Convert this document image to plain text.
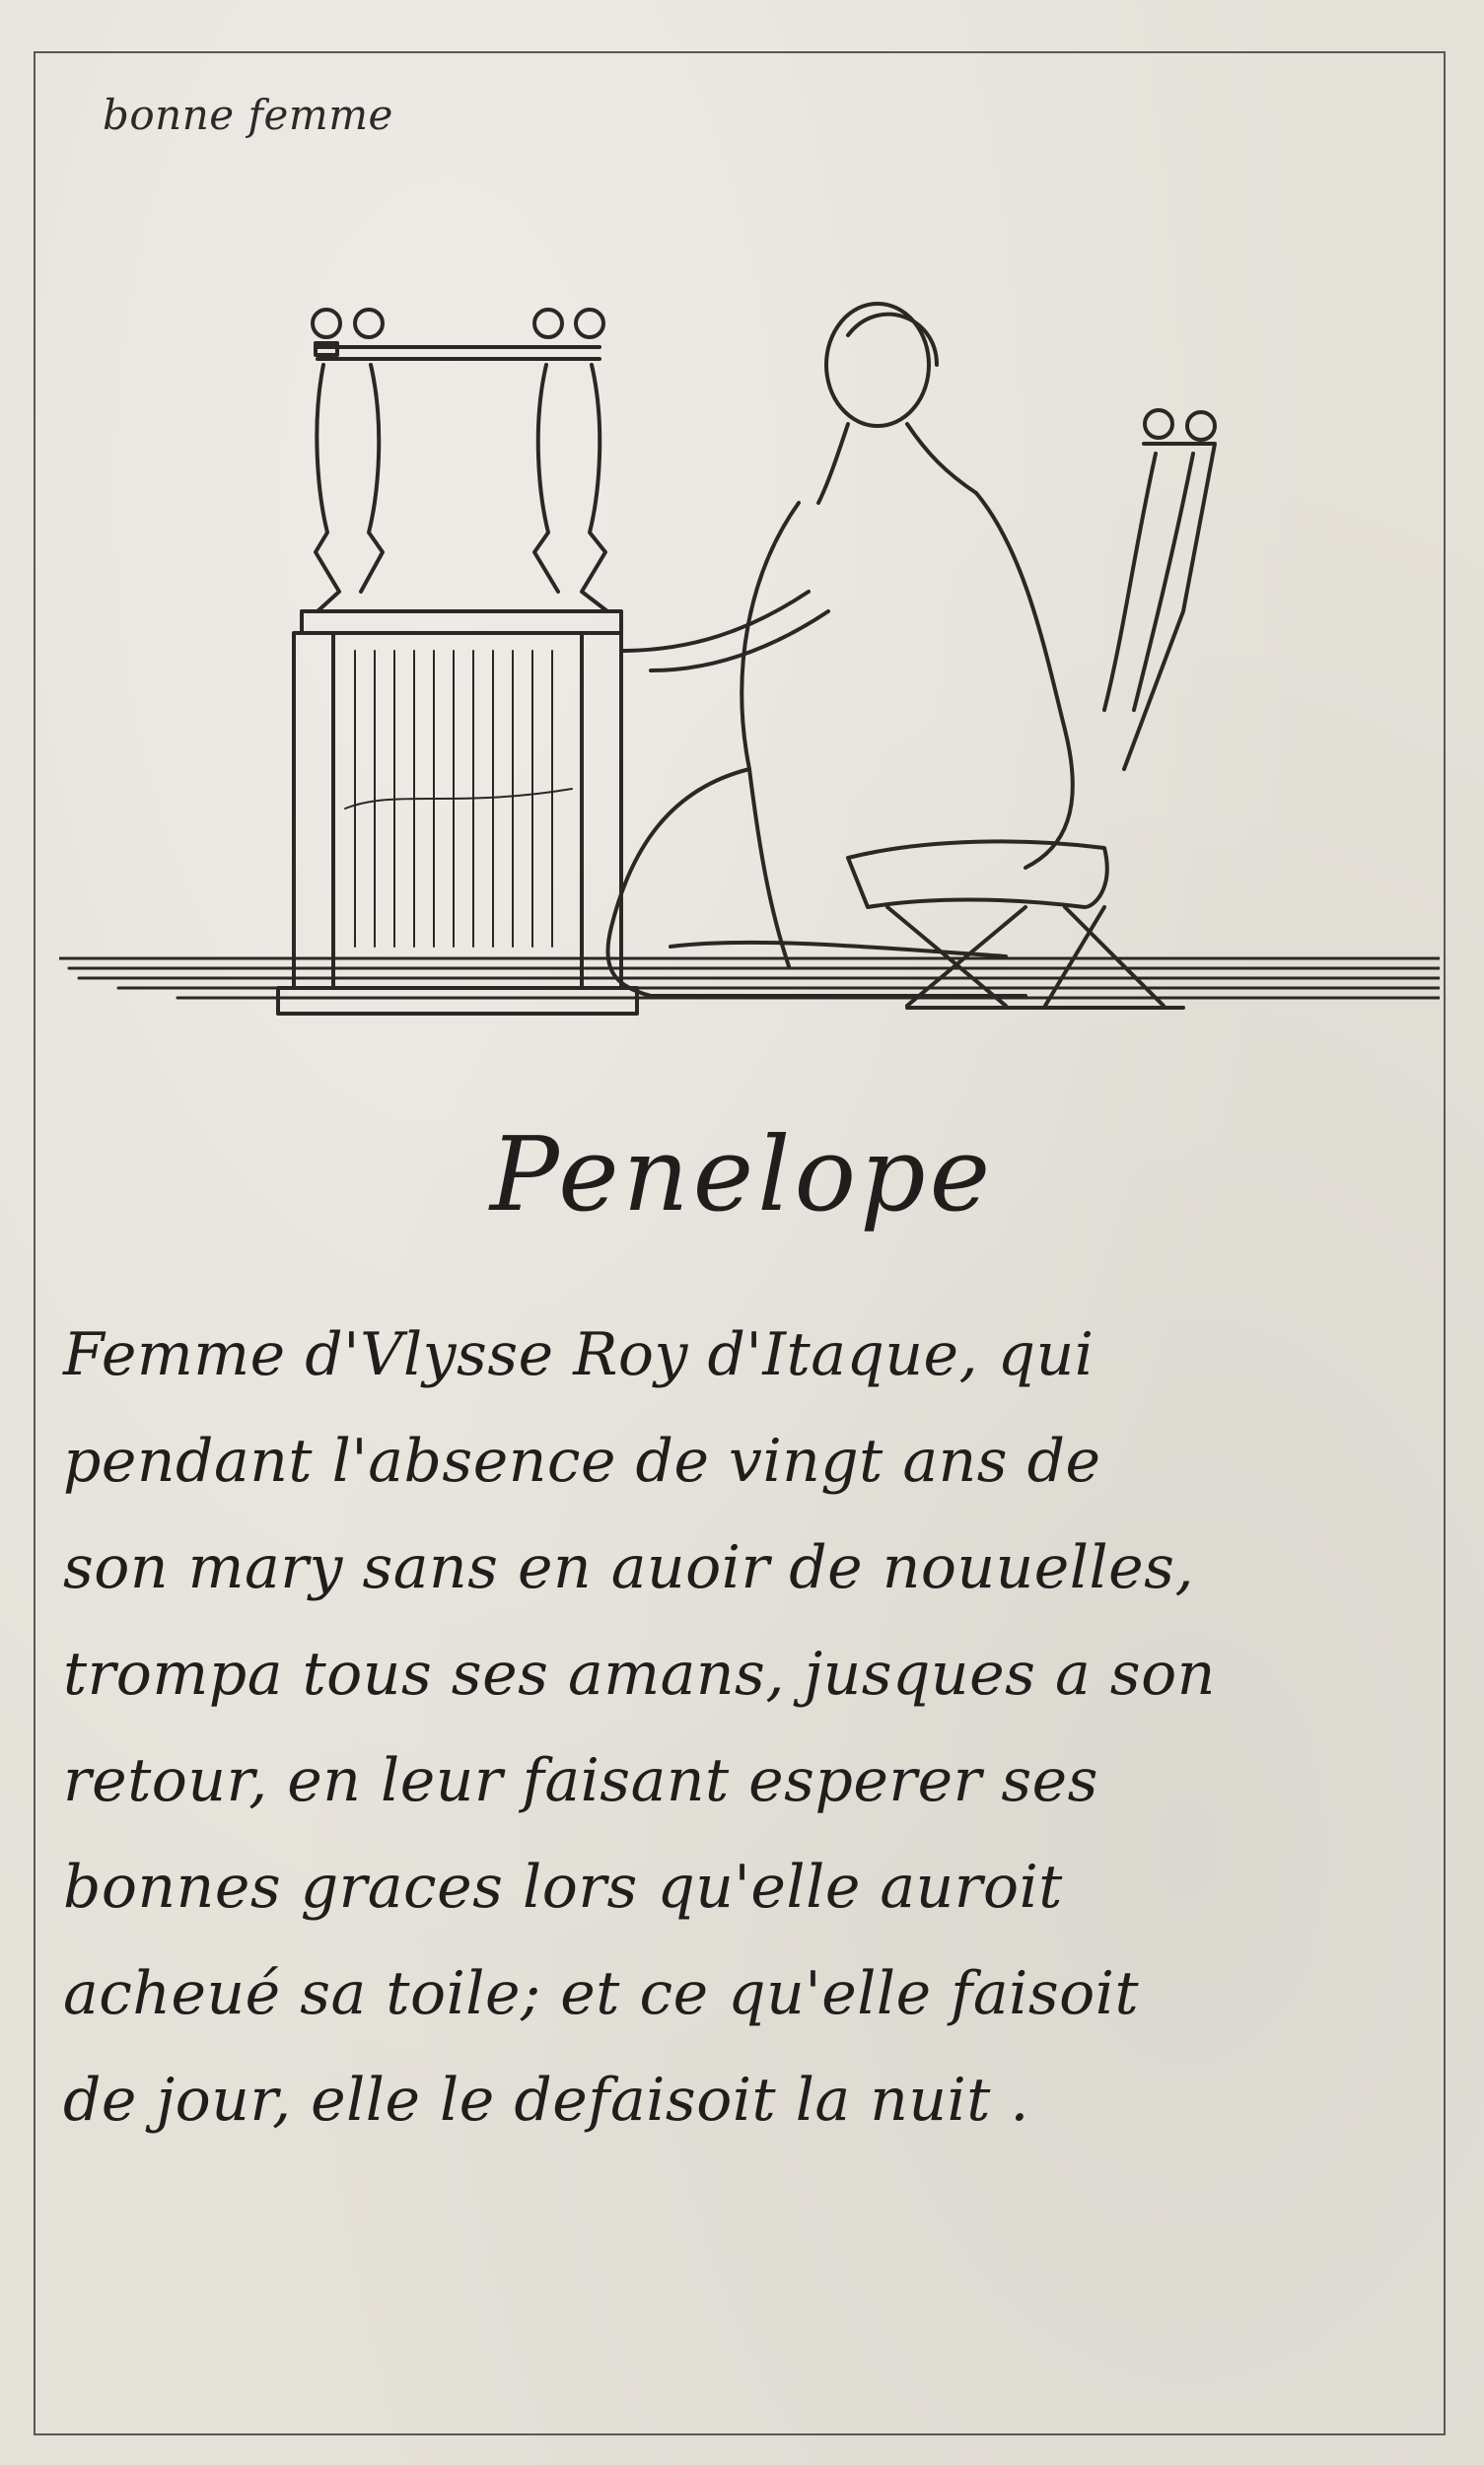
bonne femme
Penelope
Femme d'Vlysse Roy d'Itaque, qui
pendant l'absence de vingt ans de
son mary sans en auoir de nouuelles,
trompa tous ses amans, jusques a son
retour, en leur faisant esperer ses
bonnes graces lors qu'elle auroit
acheué sa toile; et ce qu'elle faisoit
de jour, elle le defaisoit la nuit .
